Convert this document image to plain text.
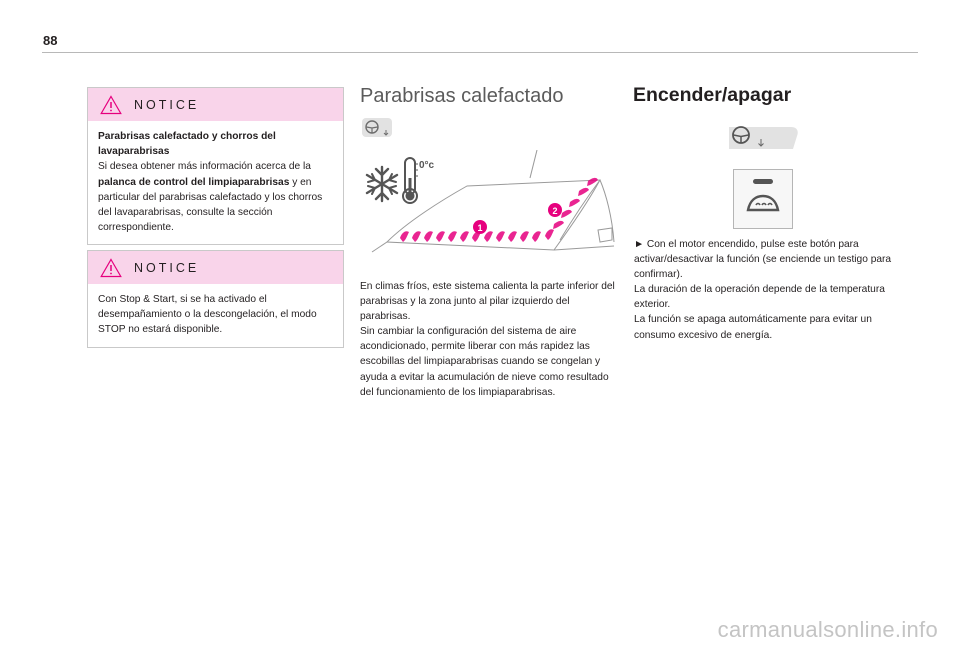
88
NOTICE
Parabrisas calefactado y chorros del lavaparabrisas
Si desea obtener más información acerca de la palanca de control del limpiaparabrisas y en particular del parabrisas calefactado y los chorros del lavaparabrisas, consulte la sección correspondiente.
NOTICE
Con Stop & Start, si se ha activado el desempañamiento o la descongelación, el modo STOP no estará disponible.
Parabrisas calefactado
0°c
1
2
En climas fríos, este sistema calienta la parte inferior del parabrisas y la zona junto al pilar izquierdo del parabrisas.
Sin cambiar la configuración del sistema de aire acondicionado, permite liberar con más rapidez las escobillas del limpiaparabrisas cuando se congelan y ayuda a evitar la acumulación de nieve como resultado del funcionamiento de los limpiaparabrisas.
Encender/apagar
► Con el motor encendido, pulse este botón para activar/desactivar la función (se enciende un testigo para confirmar).
La duración de la operación depende de la temperatura exterior.
La función se apaga automáticamente para evitar un consumo excesivo de energía.
carmanualsonline.info
